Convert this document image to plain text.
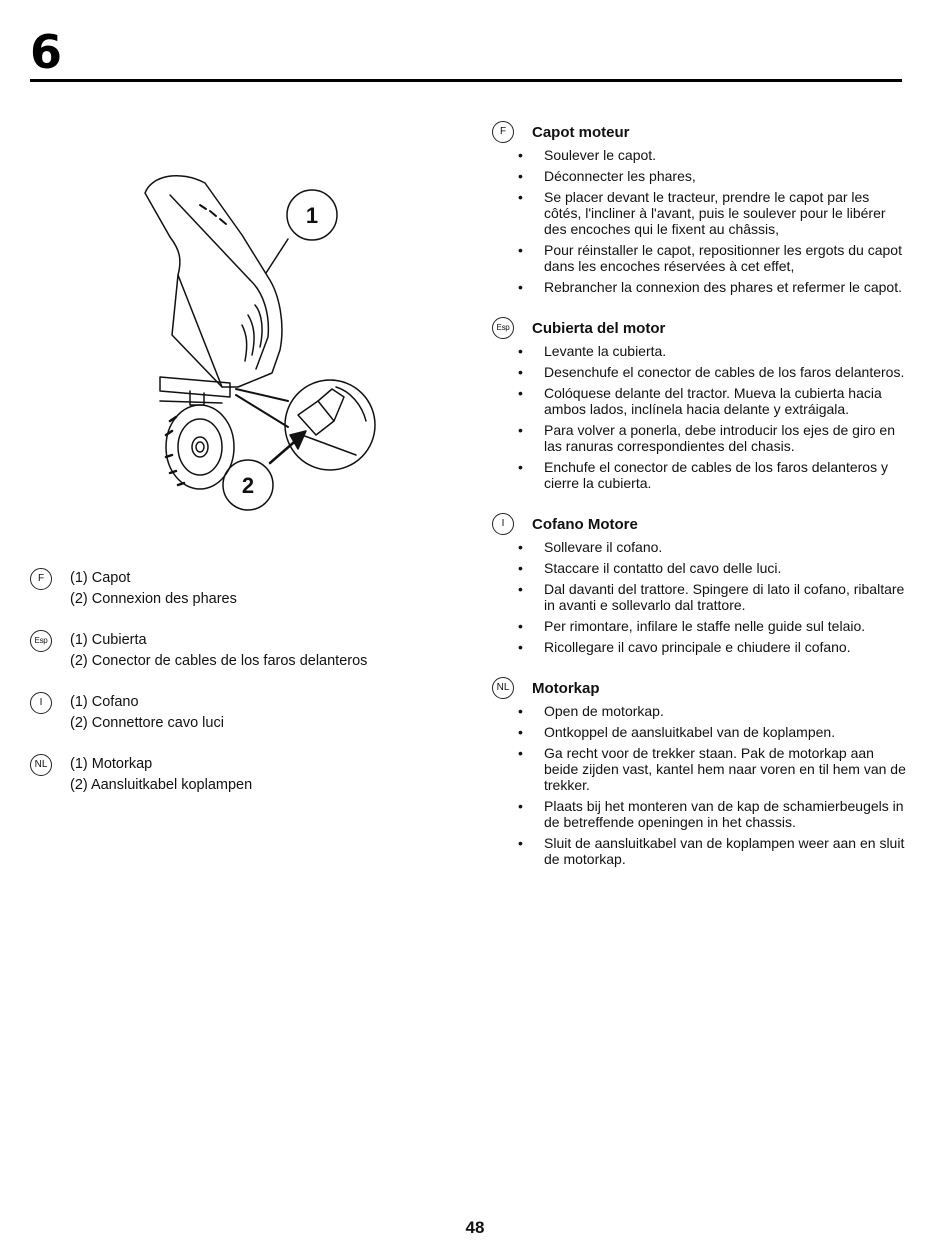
6
1
2
F	(1) Capot
(2) Connexion des phares
Esp	(1) Cubierta
(2) Conector de cables de los faros delanteros
I	(1) Cofano
(2) Connettore cavo luci
NL	(1) Motorkap
(2) Aansluitkabel koplampen
F	Capot moteur
• Soulever le capot.
• Déconnecter les phares,
• Se placer devant le tracteur, prendre le capot par les côtés, l'incliner à l'avant, puis le soulever pour le libérer des encoches qui le fixent au châssis,
• Pour réinstaller le capot, repositionner les ergots du capot dans les encoches réservées à cet effet,
• Rebrancher la connexion des phares et refermer le capot.
Esp	Cubierta del motor
• Levante la cubierta.
• Desenchufe el conector de cables de los faros delanteros.
• Colóquese delante del tractor. Mueva la cubierta hacia ambos lados, inclínela hacia delante y extráigala.
• Para volver a ponerla, debe introducir los ejes de giro en las ranuras correspondientes del chasis.
• Enchufe el conector de cables de los faros delanteros y cierre la cubierta.
I	Cofano Motore
• Sollevare il cofano.
• Staccare il contatto del cavo delle luci.
• Dal davanti del trattore. Spingere di lato il cofano, ribaltare in avanti e sollevarlo dal trattore.
• Per rimontare, infilare le staffe nelle guide sul telaio.
• Ricollegare il cavo principale e chiudere il cofano.
NL	Motorkap
• Open de motorkap.
• Ontkoppel de aansluitkabel van de koplampen.
• Ga recht voor de trekker staan. Pak de motorkap aan beide zijden vast, kantel hem naar voren en til hem van de trekker.
• Plaats bij het monteren van de kap de schamierbeugels in de betreffende openingen in het chassis.
• Sluit de aansluitkabel van de koplampen weer aan en sluit de motorkap.
48
